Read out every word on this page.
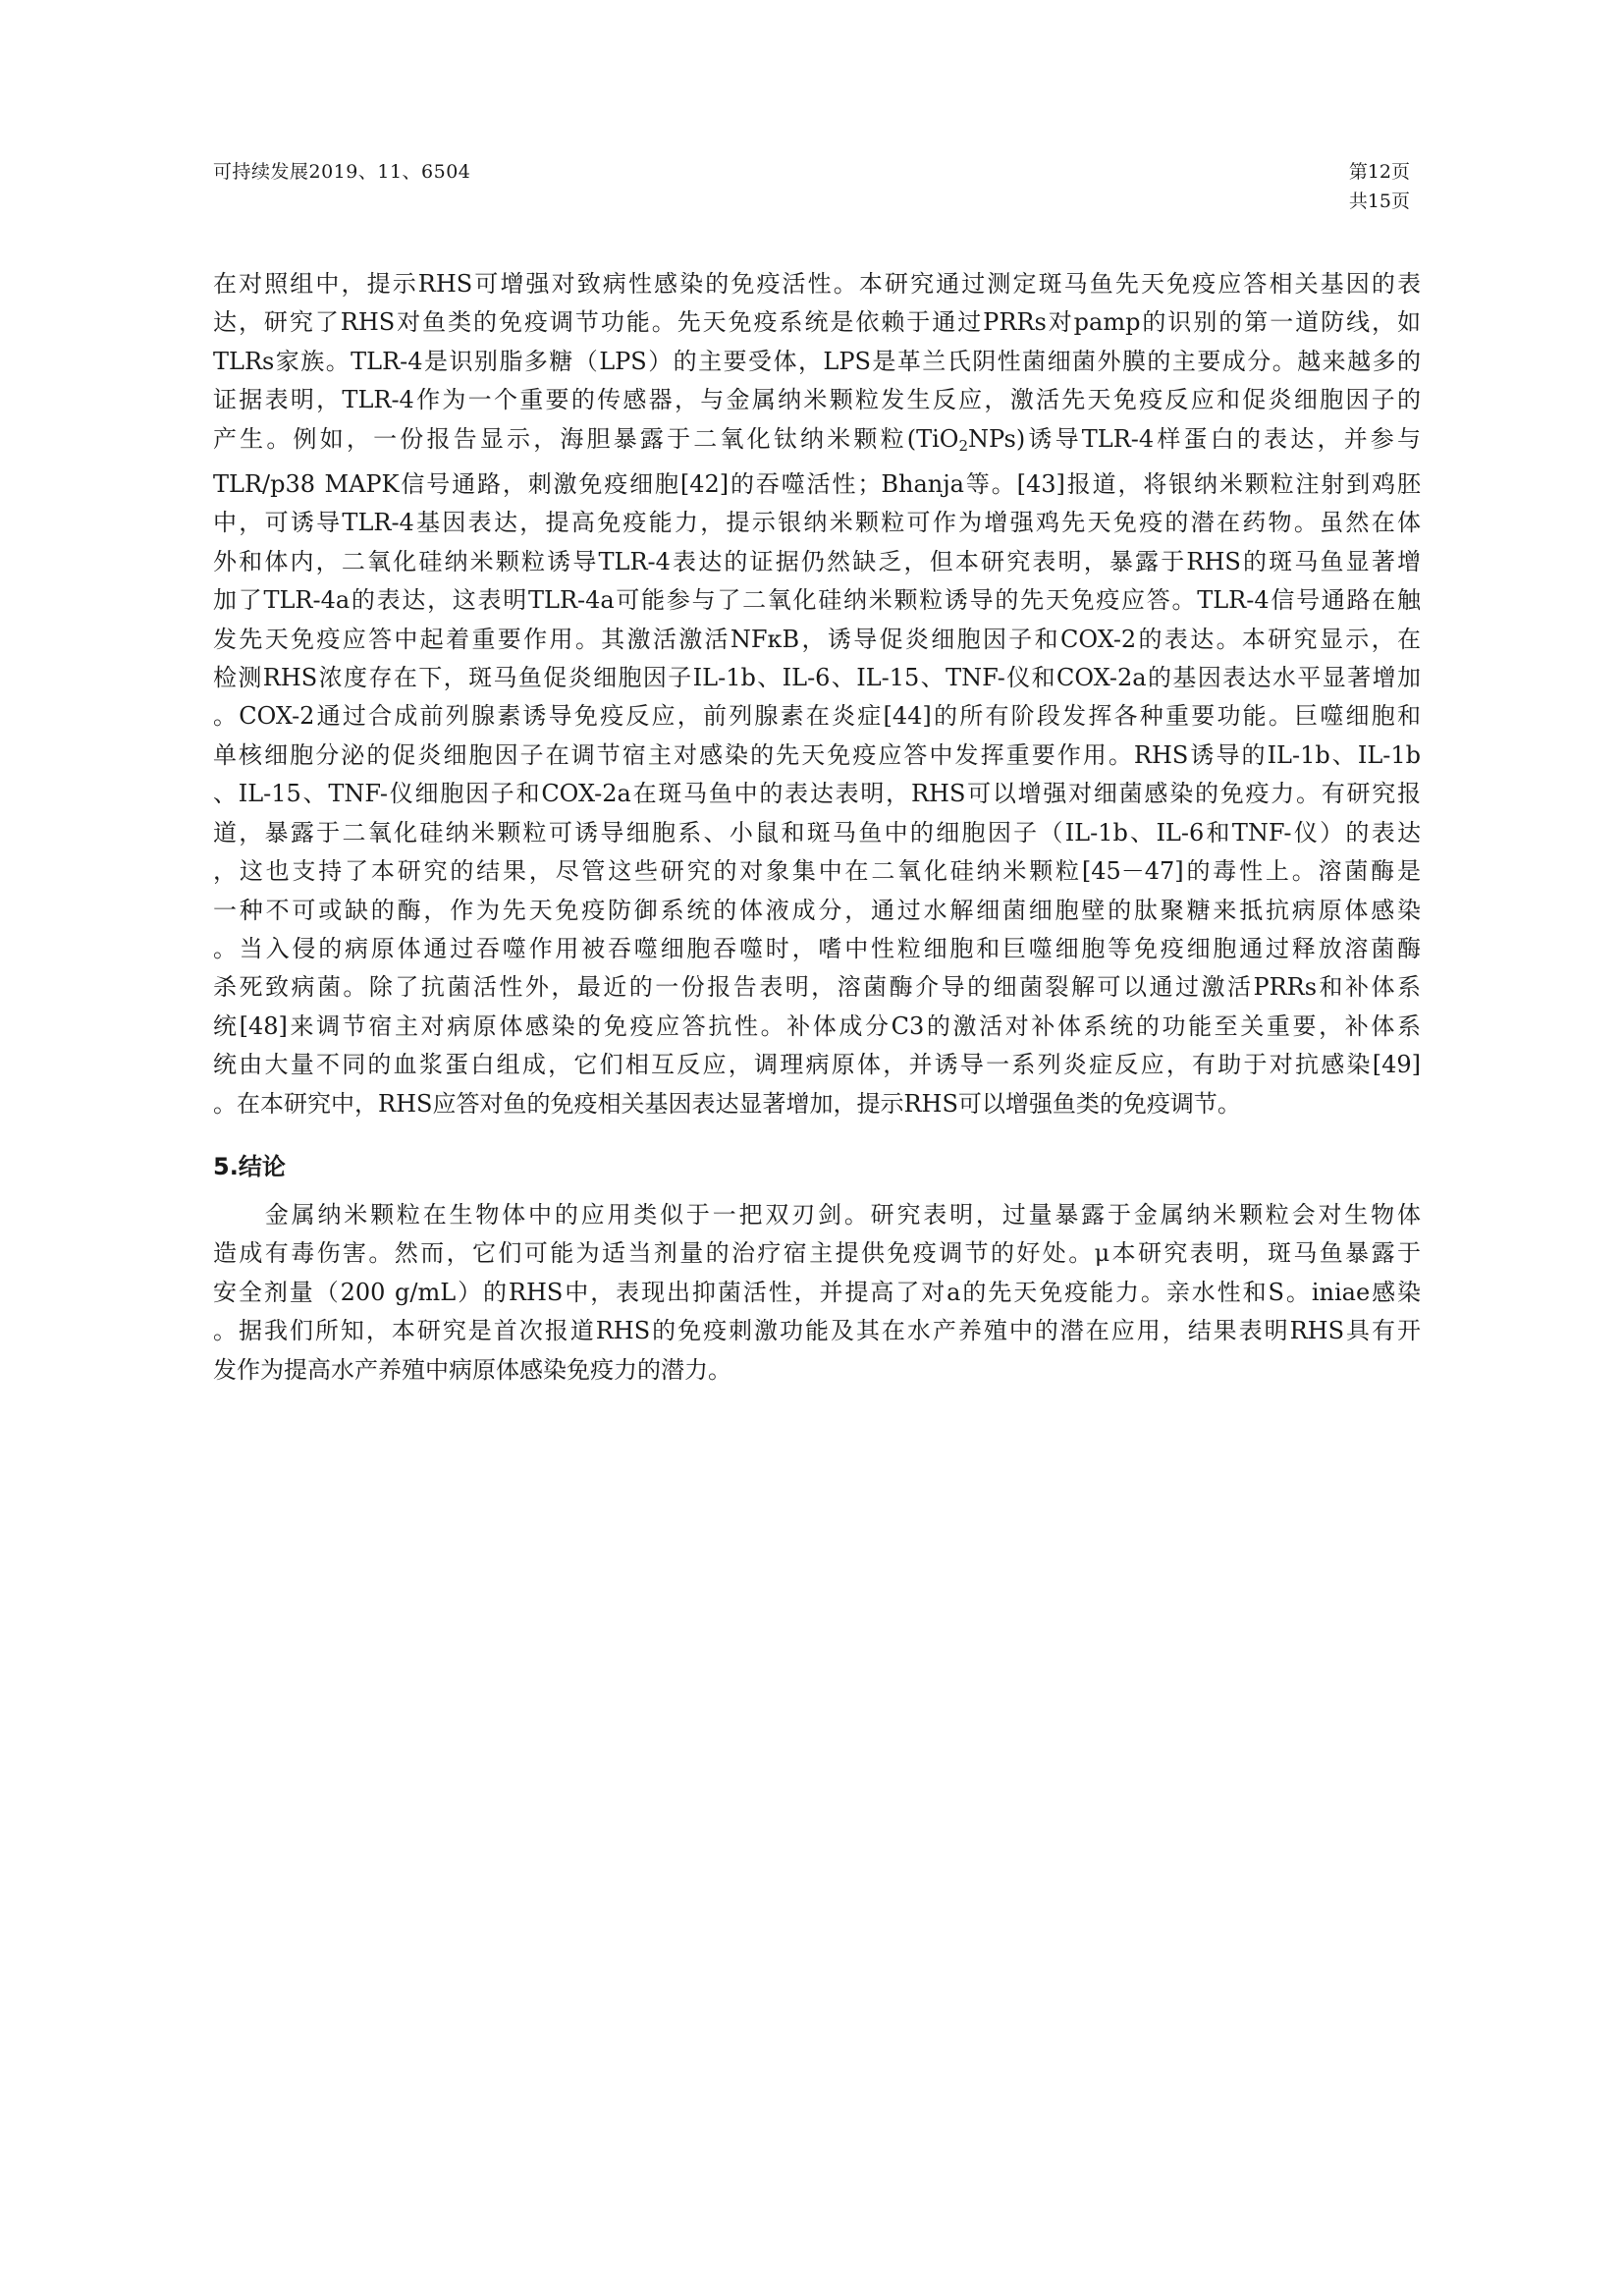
可持续发展2019、11、6504	第12页
共15页
在对照组中，提示RHS可增强对致病性感染的免疫活性。本研究通过测定斑马鱼先天免疫应答相关基因的表
达，研究了RHS对鱼类的免疫调节功能。先天免疫系统是依赖于通过PRRs对pamp的识别的第一道防线，如
TLRs家族。TLR-4是识别脂多糖（LPS）的主要受体，LPS是革兰氏阴性菌细菌外膜的主要成分。越来越多的
证据表明，TLR-4作为一个重要的传感器，与金属纳米颗粒发生反应，激活先天免疫反应和促炎细胞因子的
产生。例如，一份报告显示，海胆暴露于二氧化钛纳米颗粒(TiO$_2$NPs)诱导TLR-4样蛋白的表达，并参与
TLR/p38 MAPK信号通路，刺激免疫细胞[42]的吞噬活性；Bhanja等。[43]报道，将银纳米颗粒注射到鸡胚
中，可诱导TLR-4基因表达，提高免疫能力，提示银纳米颗粒可作为增强鸡先天免疫的潜在药物。虽然在体
外和体内，二氧化硅纳米颗粒诱导TLR-4表达的证据仍然缺乏，但本研究表明，暴露于RHS的斑马鱼显著增
加了TLR-4a的表达，这表明TLR-4a可能参与了二氧化硅纳米颗粒诱导的先天免疫应答。TLR-4信号通路在触
发先天免疫应答中起着重要作用。其激活激活NFκB，诱导促炎细胞因子和COX-2的表达。本研究显示，在
检测RHS浓度存在下，斑马鱼促炎细胞因子IL-1b、IL-6、IL-15、TNF-仪和COX-2a的基因表达水平显著增加
。COX-2通过合成前列腺素诱导免疫反应，前列腺素在炎症[44]的所有阶段发挥各种重要功能。巨噬细胞和
单核细胞分泌的促炎细胞因子在调节宿主对感染的先天免疫应答中发挥重要作用。RHS诱导的IL-1b、IL-1b
、IL-15、TNF-仪细胞因子和COX-2a在斑马鱼中的表达表明，RHS可以增强对细菌感染的免疫力。有研究报
道，暴露于二氧化硅纳米颗粒可诱导细胞系、小鼠和斑马鱼中的细胞因子（IL-1b、IL-6和TNF-仪）的表达
，这也支持了本研究的结果，尽管这些研究的对象集中在二氧化硅纳米颗粒[45－47]的毒性上。溶菌酶是
一种不可或缺的酶，作为先天免疫防御系统的体液成分，通过水解细菌细胞壁的肽聚糖来抵抗病原体感染
。当入侵的病原体通过吞噬作用被吞噬细胞吞噬时，嗜中性粒细胞和巨噬细胞等免疫细胞通过释放溶菌酶
杀死致病菌。除了抗菌活性外，最近的一份报告表明，溶菌酶介导的细菌裂解可以通过激活PRRs和补体系
统[48]来调节宿主对病原体感染的免疫应答抗性。补体成分C3的激活对补体系统的功能至关重要，补体系
统由大量不同的血浆蛋白组成，它们相互反应，调理病原体，并诱导一系列炎症反应，有助于对抗感染[49]
。在本研究中，RHS应答对鱼的免疫相关基因表达显著增加，提示RHS可以增强鱼类的免疫调节。
5.结论
金属纳米颗粒在生物体中的应用类似于一把双刃剑。研究表明，过量暴露于金属纳米颗粒会对生物体
造成有毒伤害。然而，它们可能为适当剂量的治疗宿主提供免疫调节的好处。μ本研究表明，斑马鱼暴露于
安全剂量（200 g/mL）的RHS中，表现出抑菌活性，并提高了对a的先天免疫能力。亲水性和S。iniae感染
。据我们所知，本研究是首次报道RHS的免疫刺激功能及其在水产养殖中的潜在应用，结果表明RHS具有开
发作为提高水产养殖中病原体感染免疫力的潜力。
